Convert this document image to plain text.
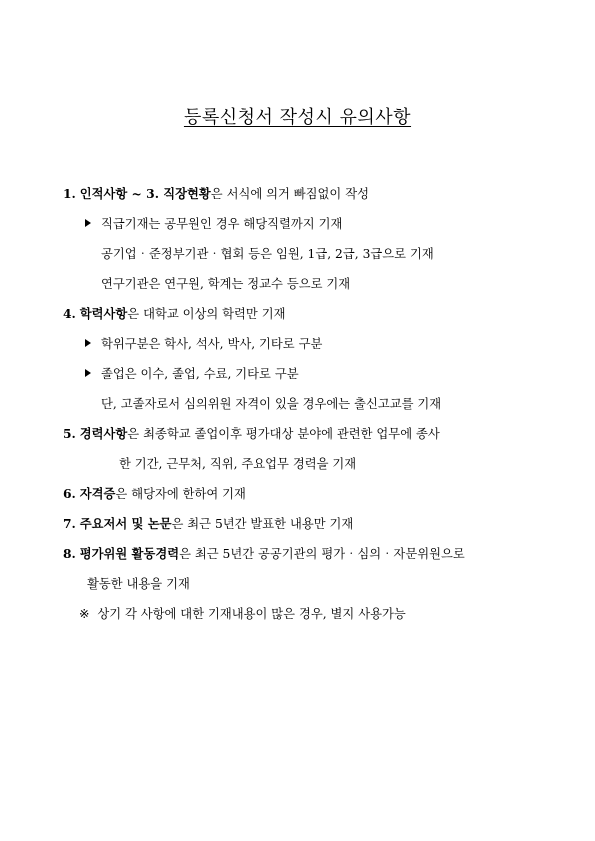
등록신청서 작성시 유의사항
1. 인적사항 ~ 3. 직장현황은 서식에 의거 빠짐없이 작성
직급기재는 공무원인 경우 해당직렬까지 기재
공기업‧준정부기관‧협회 등은 임원, 1급, 2급, 3급으로 기재
연구기관은 연구원, 학계는 정교수 등으로 기재
4. 학력사항은 대학교 이상의 학력만 기재
학위구분은 학사, 석사, 박사, 기타로 구분
졸업은 이수, 졸업, 수료, 기타로 구분
단, 고졸자로서 심의위원 자격이 있을 경우에는 출신고교를 기재
5. 경력사항은 최종학교 졸업이후 평가대상 분야에 관련한 업무에 종사
한 기간, 근무처, 직위, 주요업무 경력을 기재
6. 자격증은 해당자에 한하여 기재
7. 주요저서 및 논문은 최근 5년간 발표한 내용만 기재
8. 평가위원 활동경력은 최근 5년간 공공기관의 평가‧심의‧자문위원으로
활동한 내용을 기재
※ 상기 각 사항에 대한 기재내용이 많은 경우, 별지 사용가능
